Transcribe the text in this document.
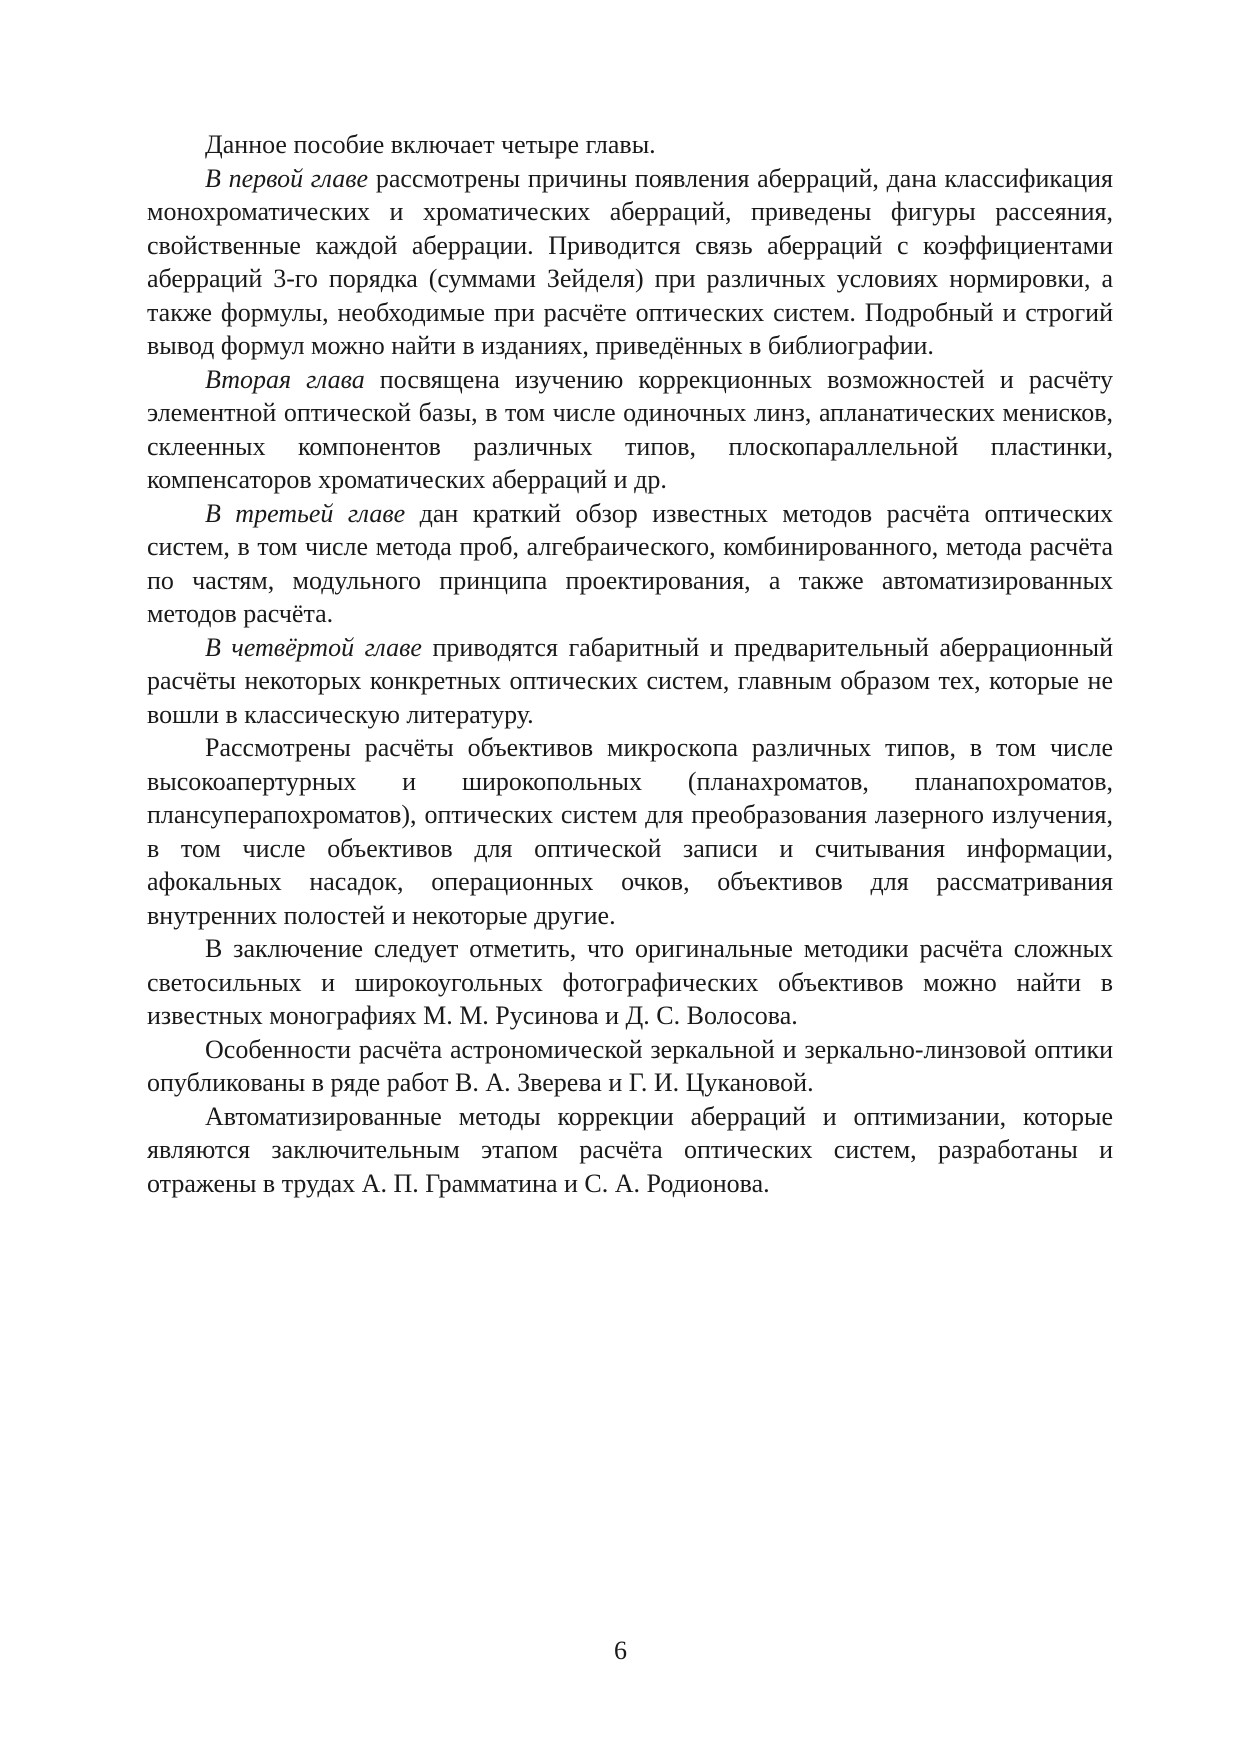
Данное пособие включает четыре главы.

В первой главе рассмотрены причины появления аберраций, дана классификация монохроматических и хроматических аберраций, приведены фигуры рассеяния, свойственные каждой аберрации. Приводится связь аберраций с коэффициентами аберраций 3-го порядка (суммами Зейделя) при различных условиях нормировки, а также формулы, необходимые при расчёте оптических систем. Подробный и строгий вывод формул можно найти в изданиях, приведённых в библиографии.

Вторая глава посвящена изучению коррекционных возможностей и расчёту элементной оптической базы, в том числе одиночных линз, апланатических менисков, склеенных компонентов различных типов, плоскопараллельной пластинки, компенсаторов хроматических аберраций и др.

В третьей главе дан краткий обзор известных методов расчёта оптических систем, в том числе метода проб, алгебраического, комбинированного, метода расчёта по частям, модульного принципа проектирования, а также автоматизированных методов расчёта.

В четвёртой главе приводятся габаритный и предварительный аберрационный расчёты некоторых конкретных оптических систем, главным образом тех, которые не вошли в классическую литературу.

Рассмотрены расчёты объективов микроскопа различных типов, в том числе высокоапертурных и широкопольных (планахроматов, планапохроматов, плансуперапохроматов), оптических систем для преобразования лазерного излучения, в том числе объективов для оптической записи и считывания информации, афокальных насадок, операционных очков, объективов для рассматривания внутренних полостей и некоторые другие.

В заключение следует отметить, что оригинальные методики расчёта сложных светосильных и широкоугольных фотографических объективов можно найти в известных монографиях М. М. Русинова и Д. С. Волосова.

Особенности расчёта астрономической зеркальной и зеркально-линзовой оптики опубликованы в ряде работ В. А. Зверева и Г. И. Цукановой.

Автоматизированные методы коррекции аберраций и оптимизании, которые являются заключительным этапом расчёта оптических систем, разработаны и отражены в трудах А. П. Грамматина и С. А. Родионова.

6
